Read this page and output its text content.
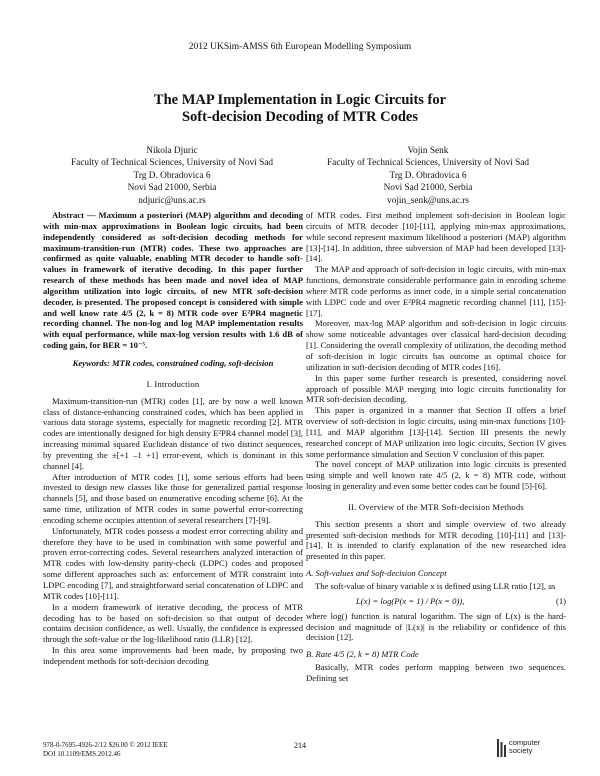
2012 UKSim-AMSS 6th European Modelling Symposium
The MAP Implementation in Logic Circuits for
Soft-decision Decoding of MTR Codes
Nikola Djuric
Faculty of Technical Sciences, University of Novi Sad
Trg D. Obradovica 6
Novi Sad 21000, Serbia
ndjuric@uns.ac.rs
Vojin Senk
Faculty of Technical Sciences, University of Novi Sad
Trg D. Obradovica 6
Novi Sad 21000, Serbia
vojin_senk@uns.ac.rs

Abstract — Maximum a posteriori (MAP) algorithm and decoding with min-max approximations in Boolean logic circuits, had been independently considered as soft-decision decoding methods for maximum-transition-run (MTR) codes. These two approaches are confirmed as quite valuable, enabling MTR decoder to handle soft-values in framework of iterative decoding. In this paper further research of these methods has been made and novel idea of MAP algorithm utilization into logic circuits, of new MTR soft-decision decoder, is presented. The proposed concept is considered with simple and well know rate 4/5 (2, k = 8) MTR code over E²PR4 magnetic recording channel. The non-log and log MAP implementation results with equal performance, while max-log version results with 1.6 dB of coding gain, for BER = 10⁻⁵.

Keywords: MTR codes, constrained coding, soft-decision

I. Introduction

Maximum-transition-run (MTR) codes [1], are by now a well known class of distance-enhancing constrained codes, which has been applied in various data storage systems, especially for magnetic recording [2]. MTR codes are intentionally designed for high density E²PR4 channel model [3], increasing minimal squared Euclidean distance of two distinct sequences, by preventing the ±[+1 –1 +1] error-event, which is dominant in this channel [4].

After introduction of MTR codes [1], some serious efforts had been invested to design new classes like those for generalized partial response channels [5], and those based on enumerative encoding scheme [6]. At the same time, utilization of MTR codes in some powerful error-correcting encoding scheme occupies attention of several researchers [7]-[9].

Unfortunately, MTR codes possess a modest error correcting ability and therefore they have to be used in combination with some powerful and proven error-correcting codes. Several researchers analyzed interaction of MTR codes with low-density parity-check (LDPC) codes and proposed some different approaches such as: enforcement of MTR constraint into LDPC encoding [7], and straightforward serial concatenation of LDPC and MTR codes [10]-[11].

In a modern framework of iterative decoding, the process of MTR decoding has to be based on soft-decision so that output of decoder contains decision confidence, as well. Usually, the confidence is expressed through the soft-value or the log-likelihood ratio (LLR) [12].

In this area some improvements had been made, by proposing two independent methods for soft-decision decoding

of MTR codes. First method implement soft-decision in Boolean logic circuits of MTR decoder [10]-[11], applying min-max approximations, while second represent maximum likelihood a posteriori (MAP) algorithm [13]-[14]. In addition, three subversion of MAP had been developed [13]-[14].

The MAP and approach of soft-decision in logic circuits, with min-max functions, demonstrate considerable performance gain in encoding scheme where MTR code performs as inner code, in a simple serial concatenation with LDPC code and over E²PR4 magnetic recording channel [11], [15]-[17].

Moreover, max-log MAP algorithm and soft-decision in logic circuits show some noticeable advantages over classical hard-decision decoding [1]. Considering the overall complexity of utilization, the decoding method of soft-decision in logic circuits has outcome as optimal choice for utilization in soft-decision decoding of MTR codes [16].

In this paper some further research is presented, considering novel approach of possible MAP merging into logic circuits functionality for MTR soft-decision decoding.

This paper is organized in a manner that Section II offers a brief overview of soft-decision in logic circuits, using min-max functions [10]-[11], and MAP algorithm [13]-[14]. Section III presents the newly researched concept of MAP utilization into logic circuits, Section IV gives some performance simulation and Section V conclusion of this paper.

The novel concept of MAP utilization into logic circuits is presented using simple and well known rate 4/5 (2, k = 8) MTR code, without loosing in generality and even some better codes can be found [5]-[6].

II. Overview of the MTR Soft-decision Methods

This section presents a short and simple overview of two already presented soft-decision methods for MTR decoding [10]-[11] and [13]-[14]. It is intended to clarify explanation of the new researched idea presented in this paper.

A. Soft-values and Soft-decision Concept

The soft-value of binary variable x is defined using LLR ratio [12], as

L(x) = log(P(x = 1) / P(x = 0)),	(1)

where log() function is natural logarithm. The sign of L(x) is the hard-decision and magnitude of |L(x)| is the reliability or confidence of this decision [12].

B. Rate 4/5 (2, k = 8) MTR Code

Basically, MTR codes perform mapping between two sequences. Defining set

978-0-7695-4926-2/12 $26.00 © 2012 IEEE
DOI 10.1109/EMS.2012.46
214	computer
society
